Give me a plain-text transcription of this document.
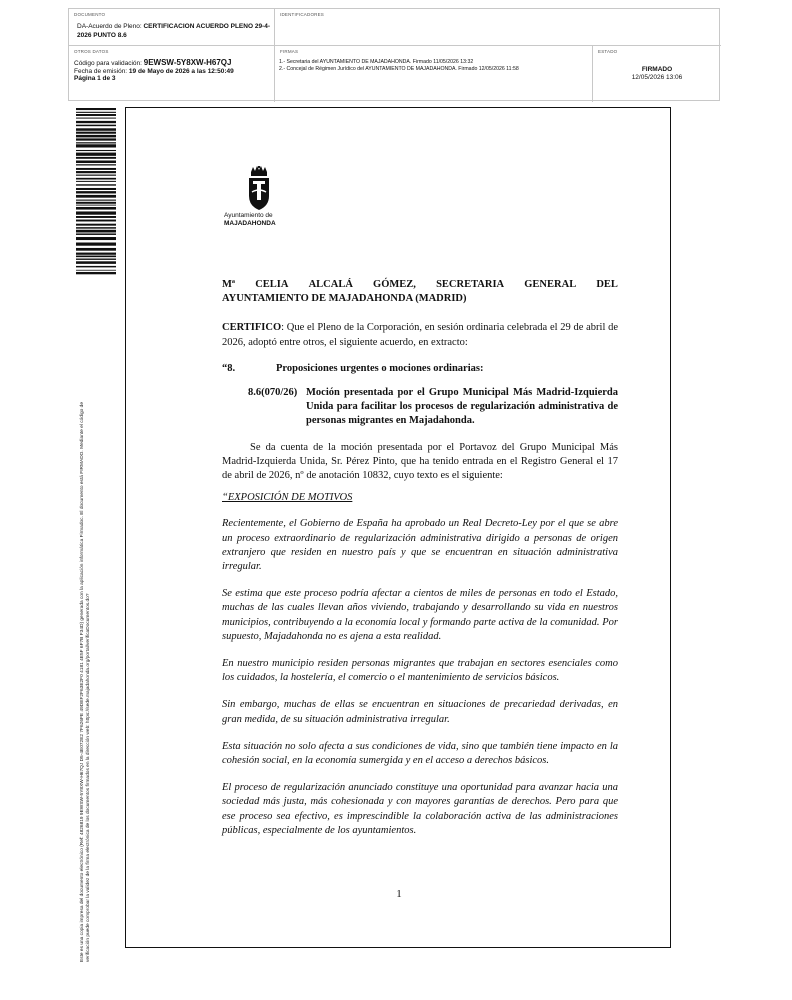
DOCUMENTO
DA-Acuerdo de Pleno: CERTIFICACION ACUERDO PLENO 29-4-2026 PUNTO 8.6
IDENTIFICADORES
OTROS DATOS
Código para validación: 9EWSW-5Y8XW-H67QJ
Fecha de emisión: 19 de Mayo de 2026 a las 12:50:49
Página 1 de 3
FIRMAS
1.- Secretaria del AYUNTAMIENTO DE MAJADAHONDA. Firmado 11/05/2026 13:32
2.- Concejal de Régimen Jurídico del AYUNTAMIENTO DE MAJADAHONDA. Firmado 12/05/2026 11:58
ESTADO
FIRMADO
12/05/2026 13:06
Este es una copia impresa del documento electrónico (Ref: 4826819 9EWSW-5Y8XW-H67QJ D5-4E072E2 7F626FE 49DEF2F63E2F0 4181 4E5F 6F7B F34D) generada con la aplicación informática Firmadoc. El documento está FIRMADO. Mediante el código de verificación puede comprobar la validez de la firma electrónica de los documentos firmados en la dirección web: https://sede.majadahonda.org/portal/verificaDocumentos.do?
Ayuntamiento de
MAJADAHONDA
Mª CELIA ALCALÁ GÓMEZ, SECRETARIA GENERAL DEL
AYUNTAMIENTO DE MAJADAHONDA (MADRID)

CERTIFICO: Que el Pleno de la Corporación, en sesión ordinaria celebrada el 29 de abril de 2026, adoptó entre otros, el siguiente acuerdo, en extracto:

“8.	Proposiciones urgentes o mociones ordinarias:
8.6(070/26) Moción presentada por el Grupo Municipal Más Madrid-Izquierda Unida para facilitar los procesos de regularización administrativa de personas migrantes en Majadahonda.

Se da cuenta de la moción presentada por el Portavoz del Grupo Municipal Más Madrid-Izquierda Unida, Sr. Pérez Pinto, que ha tenido entrada en el Registro General el 17 de abril de 2026, nº de anotación 10832, cuyo texto es el siguiente:

“EXPOSICIÓN DE MOTIVOS

Recientemente, el Gobierno de España ha aprobado un Real Decreto-Ley por el que se abre un proceso extraordinario de regularización administrativa dirigido a personas de origen extranjero que residen en nuestro país y que se encuentran en situación administrativa irregular.

Se estima que este proceso podría afectar a cientos de miles de personas en todo el Estado, muchas de las cuales llevan años viviendo, trabajando y desarrollando su vida en nuestros municipios, contribuyendo a la economía local y formando parte activa de la comunidad. Por supuesto, Majadahonda no es ajena a esta realidad.

En nuestro municipio residen personas migrantes que trabajan en sectores esenciales como los cuidados, la hostelería, el comercio o el mantenimiento de servicios básicos.

Sin embargo, muchas de ellas se encuentran en situaciones de precariedad derivadas, en gran medida, de su situación administrativa irregular.

Esta situación no solo afecta a sus condiciones de vida, sino que también tiene impacto en la cohesión social, en la economía sumergida y en el acceso a derechos básicos.

El proceso de regularización anunciado constituye una oportunidad para avanzar hacia una sociedad más justa, más cohesionada y con mayores garantías de derechos. Pero para que ese proceso sea efectivo, es imprescindible la colaboración activa de las administraciones públicas, especialmente de los ayuntamientos.

1
